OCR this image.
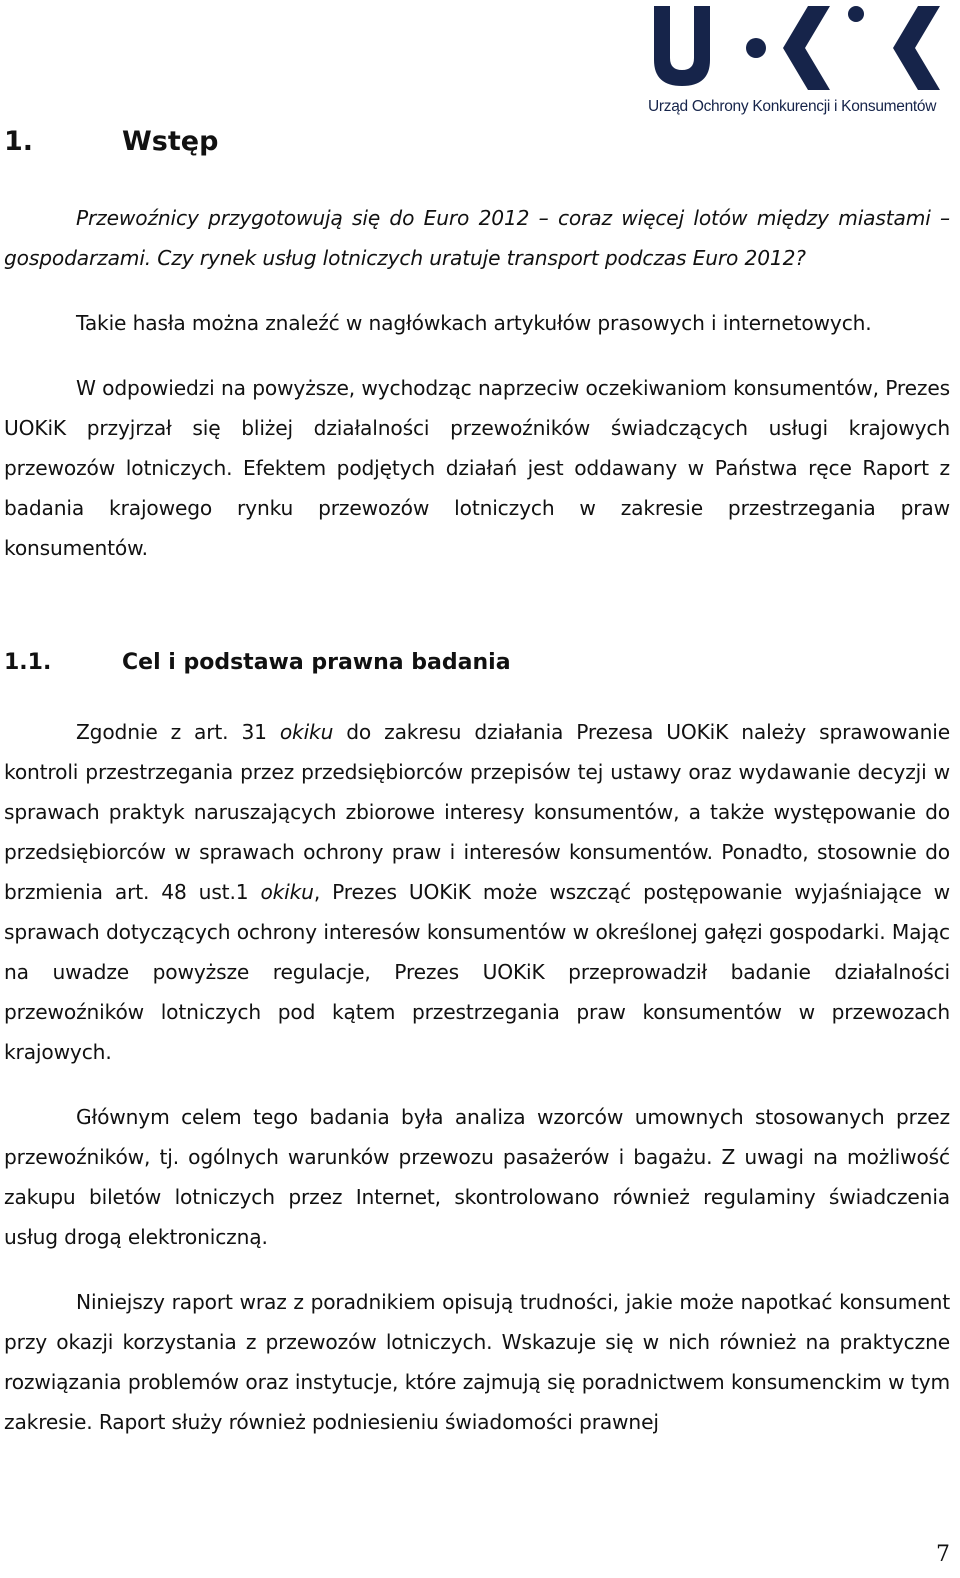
Urząd Ochrony Konkurencji i Konsumentów
1.	Wstęp

Przewoźnicy przygotowują się do Euro 2012 – coraz więcej lotów między miastami – gospodarzami. Czy rynek usług lotniczych uratuje transport podczas Euro 2012?

Takie hasła można znaleźć w nagłówkach artykułów prasowych i internetowych.

W odpowiedzi na powyższe, wychodząc naprzeciw oczekiwaniom konsumentów, Prezes UOKiK przyjrzał się bliżej działalności przewoźników świadczących usługi krajowych przewozów lotniczych. Efektem podjętych działań jest oddawany w Państwa ręce Raport z badania krajowego rynku przewozów lotniczych w zakresie przestrzegania praw konsumentów.

1.1.	Cel i podstawa prawna badania

Zgodnie z art. 31 okiku do zakresu działania Prezesa UOKiK należy sprawowanie kontroli przestrzegania przez przedsiębiorców przepisów tej ustawy oraz wydawanie decyzji w sprawach praktyk naruszających zbiorowe interesy konsumentów, a także występowanie do przedsiębiorców w sprawach ochrony praw i interesów konsumentów. Ponadto, stosownie do brzmienia art. 48 ust.1 okiku, Prezes UOKiK może wszcząć postępowanie wyjaśniające w sprawach dotyczących ochrony interesów konsumentów w określonej gałęzi gospodarki. Mając na uwadze powyższe regulacje, Prezes UOKiK przeprowadził badanie działalności przewoźników lotniczych pod kątem przestrzegania praw konsumentów w przewozach krajowych.

Głównym celem tego badania była analiza wzorców umownych stosowanych przez przewoźników, tj. ogólnych warunków przewozu pasażerów i bagażu. Z uwagi na możliwość zakupu biletów lotniczych przez Internet, skontrolowano również regulaminy świadczenia usług drogą elektroniczną.

Niniejszy raport wraz z poradnikiem opisują trudności, jakie może napotkać konsument przy okazji korzystania z przewozów lotniczych. Wskazuje się w nich również na praktyczne rozwiązania problemów oraz instytucje, które zajmują się poradnictwem konsumenckim w tym zakresie. Raport służy również podniesieniu świadomości prawnej

7
